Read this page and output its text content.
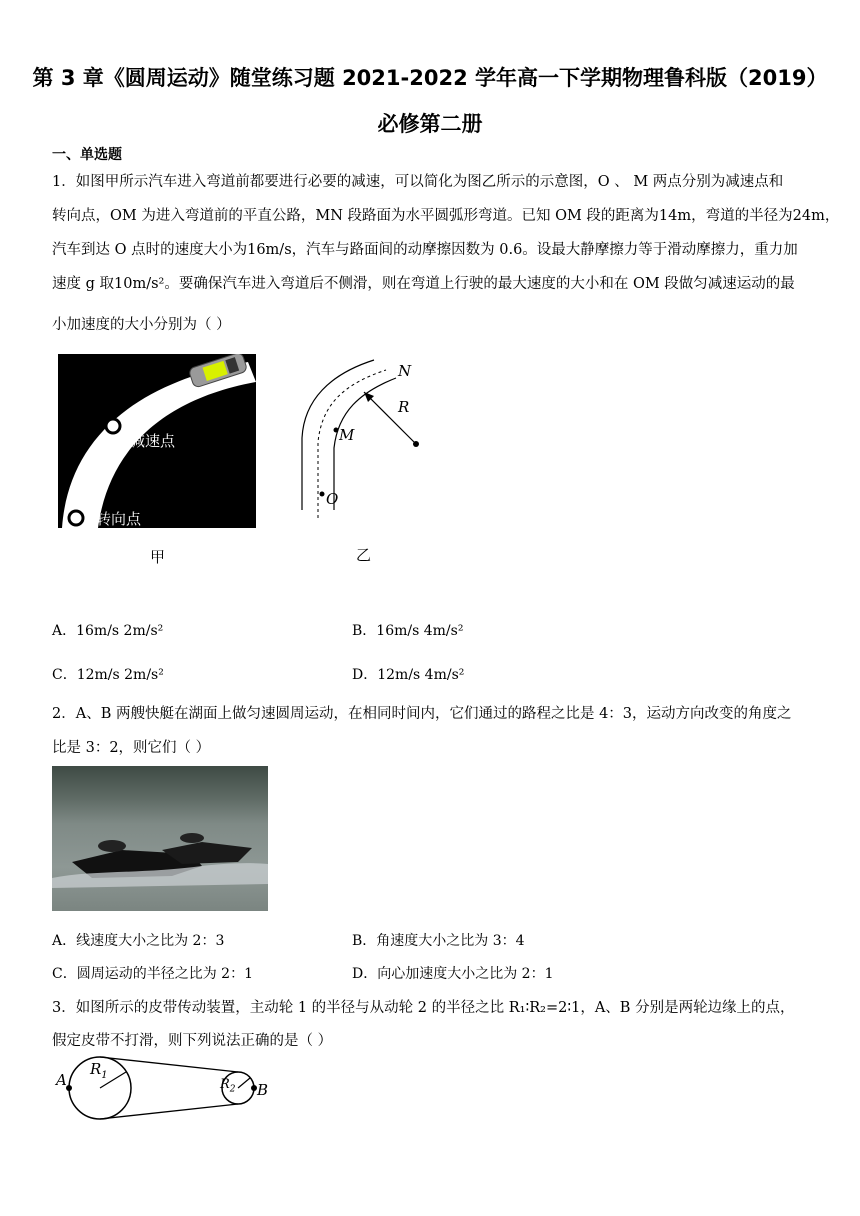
第 3 章《圆周运动》随堂练习题 2021-2022 学年高一下学期物理鲁科版（2019）
必修第二册
一、单选题
1．如图甲所示汽车进入弯道前都要进行必要的减速，可以简化为图乙所示的示意图，O 、 M 两点分别为减速点和
转向点，OM 为进入弯道前的平直公路，MN 段路面为水平圆弧形弯道。已知 OM 段的距离为14m，弯道的半径为24m，
汽车到达 O 点时的速度大小为16m/s，汽车与路面间的动摩擦因数为 0.6。设最大静摩擦力等于滑动摩擦力，重力加
速度 g 取10m/s²。要确保汽车进入弯道后不侧滑，则在弯道上行驶的最大速度的大小和在 OM 段做匀减速运动的最
小加速度的大小分别为（ ）
减速点
转向点
甲
N
R
M
O
乙
A．16m/s 2m/s²	B．16m/s 4m/s²
C．12m/s 2m/s²	D．12m/s 4m/s²
2．A、B 两艘快艇在湖面上做匀速圆周运动，在相同时间内，它们通过的路程之比是 4：3，运动方向改变的角度之
比是 3：2，则它们（ ）
A．线速度大小之比为 2：3	B．角速度大小之比为 3：4
C．圆周运动的半径之比为 2：1	D．向心加速度大小之比为 2：1
3．如图所示的皮带传动装置，主动轮 1 的半径与从动轮 2 的半径之比 R₁∶R₂=2∶1，A、B 分别是两轮边缘上的点，
假定皮带不打滑，则下列说法正确的是（ ）
A
B
$R_1$
$R_2$
